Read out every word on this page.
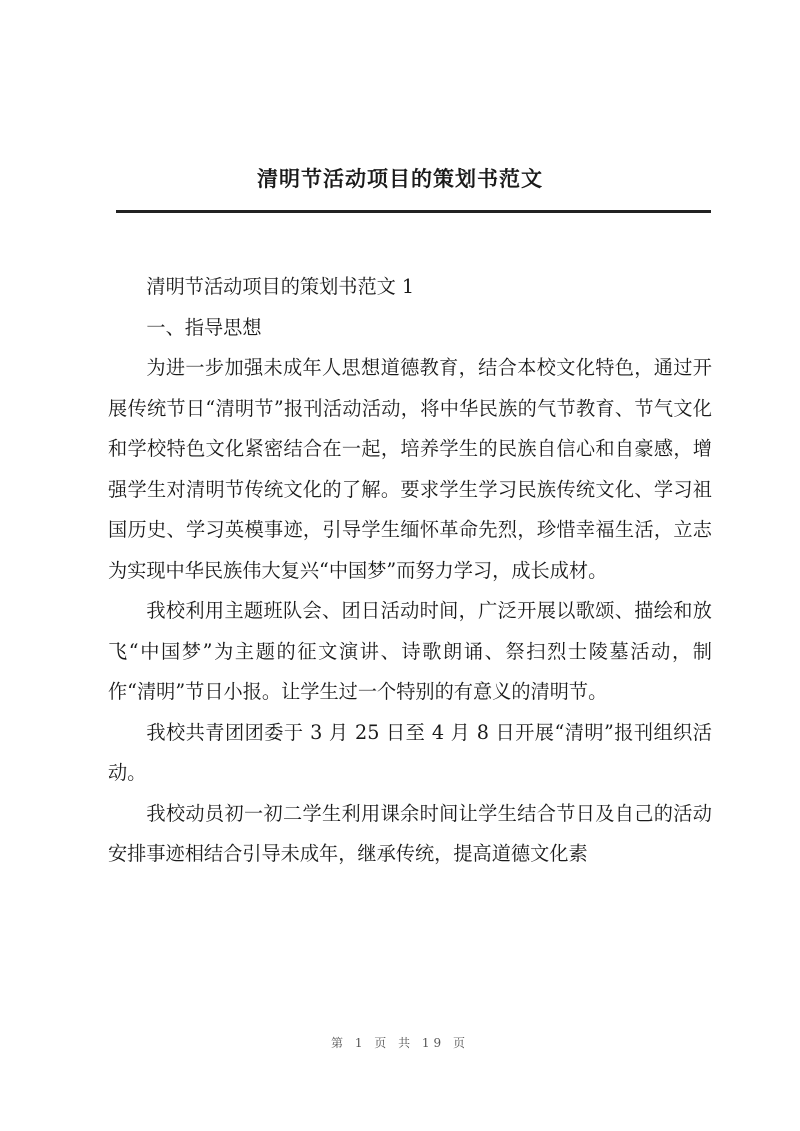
清明节活动项目的策划书范文

清明节活动项目的策划书范文 1

一、指导思想

为进一步加强未成年人思想道德教育，结合本校文化特色，通过开展传统节日“清明节”报刊活动活动，将中华民族的气节教育、节气文化和学校特色文化紧密结合在一起，培养学生的民族自信心和自豪感，增强学生对清明节传统文化的了解。要求学生学习民族传统文化、学习祖国历史、学习英模事迹，引导学生缅怀革命先烈，珍惜幸福生活，立志为实现中华民族伟大复兴“中国梦”而努力学习，成长成材。

我校利用主题班队会、团日活动时间，广泛开展以歌颂、描绘和放飞“中国梦”为主题的征文演讲、诗歌朗诵、祭扫烈士陵墓活动，制作“清明”节日小报。让学生过一个特别的有意义的清明节。

我校共青团团委于 3 月 25 日至 4 月 8 日开展“清明”报刊组织活动。

我校动员初一初二学生利用课余时间让学生结合节日及自己的活动安排事迹相结合引导未成年，继承传统，提高道德文化素

第 1 页 共 19 页
